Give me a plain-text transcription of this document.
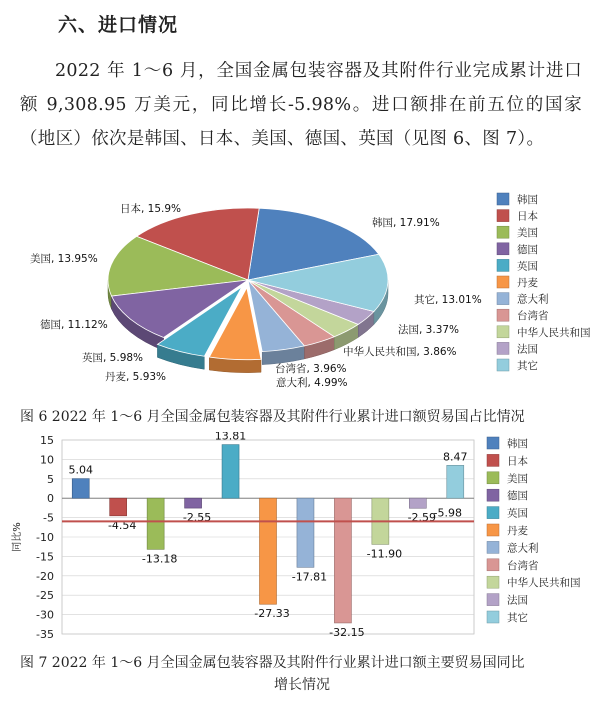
六、进口情况
2022 年 1～6 月，全国金属包装容器及其附件行业完成累计进口额 9,308.95 万美元，同比增长-5.98%。进口额排在前五位的国家（地区）依次是韩国、日本、美国、德国、英国（见图 6、图 7）。
韩国, 17.91%
日本, 15.9%
美国, 13.95%
德国, 11.12%
英国, 5.98%
丹麦, 5.93%	意大利, 4.99%
台湾省, 3.96%
中华人民共和国, 3.86%
法国, 3.37%
其它, 13.01%
韩国
日本
美国
德国
英国
丹麦
意大利
台湾省
中华人民共和国
法国
其它
图 6 2022 年 1～6 月全国金属包装容器及其附件行业累计进口额贸易国占比情况
15
10
5
0
-5
-10
-15
-20
-25
-30
-35
同比%
5.04
-4.54
-13.18
-2.55
13.81
-27.33
-17.81
-32.15
-11.90
-2.59
8.47
-5.98
韩国
日本
美国
德国
英国
丹麦
意大利
台湾省
中华人民共和国
法国
其它
图 7 2022 年 1～6 月全国金属包装容器及其附件行业累计进口额主要贸易国同比
增长情况
